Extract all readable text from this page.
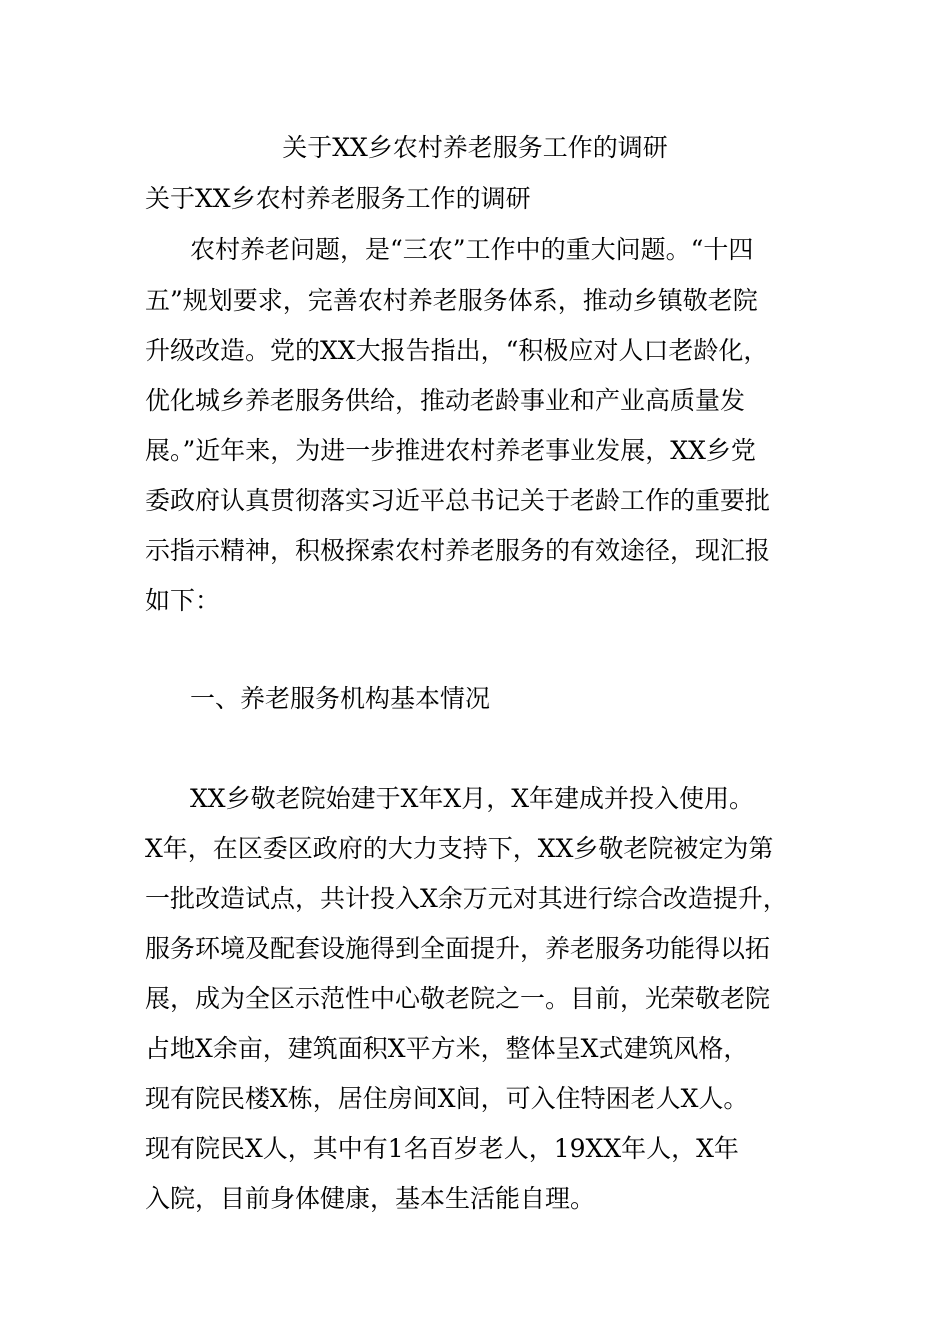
关于XX乡农村养老服务工作的调研
关于XX乡农村养老服务工作的调研
农村养老问题，是“三农”工作中的重大问题。“十四
五”规划要求，完善农村养老服务体系，推动乡镇敬老院
升级改造。党的XX大报告指出，“积极应对人口老龄化，
优化城乡养老服务供给，推动老龄事业和产业高质量发
展。”近年来，为进一步推进农村养老事业发展，XX乡党
委政府认真贯彻落实习近平总书记关于老龄工作的重要批
示指示精神，积极探索农村养老服务的有效途径，现汇报
如下：
一、养老服务机构基本情况
XX乡敬老院始建于X年X月，X年建成并投入使用。
X年，在区委区政府的大力支持下，XX乡敬老院被定为第
一批改造试点，共计投入X余万元对其进行综合改造提升，
服务环境及配套设施得到全面提升，养老服务功能得以拓
展，成为全区示范性中心敬老院之一。目前，光荣敬老院
占地X余亩，建筑面积X平方米，整体呈X式建筑风格，
现有院民楼X栋，居住房间X间，可入住特困老人X人。
现有院民X人，其中有1名百岁老人，19XX年人，X年
入院，目前身体健康，基本生活能自理。
